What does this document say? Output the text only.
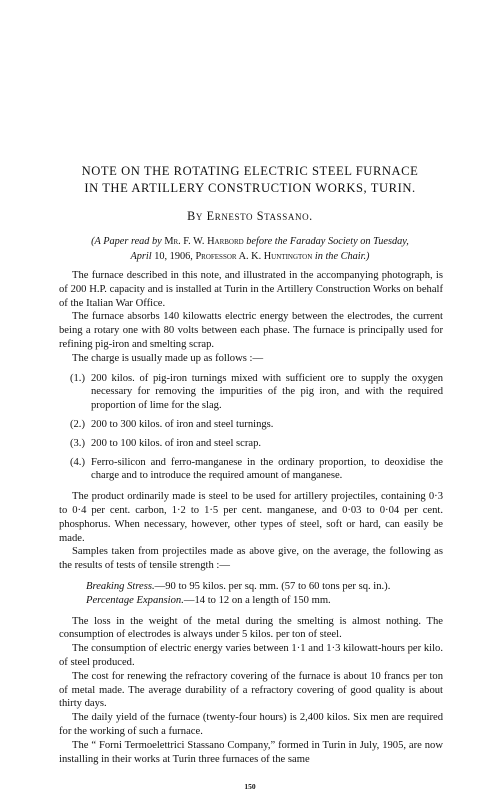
NOTE ON THE ROTATING ELECTRIC STEEL FURNACE
IN THE ARTILLERY CONSTRUCTION WORKS, TURIN.
By Ernesto Stassano.
(A Paper read by Mr. F. W. Harbord before the Faraday Society on Tuesday,
April 10, 1906, Professor A. K. Huntington in the Chair.)

The furnace described in this note, and illustrated in the accompanying photograph, is of 200 H.P. capacity and is installed at Turin in the Artillery Construction Works on behalf of the Italian War Office.

The furnace absorbs 140 kilowatts electric energy between the electrodes, the current being a rotary one with 80 volts between each phase. The furnace is principally used for refining pig-iron and smelting scrap.

The charge is usually made up as follows :—

(1.) 200 kilos. of pig-iron turnings mixed with sufficient ore to supply the oxygen necessary for removing the impurities of the pig iron, and with the required proportion of lime for the slag.
(2.) 200 to 300 kilos. of iron and steel turnings.
(3.) 200 to 100 kilos. of iron and steel scrap.
(4.) Ferro-silicon and ferro-manganese in the ordinary proportion, to deoxidise the charge and to introduce the required amount of manganese.

The product ordinarily made is steel to be used for artillery projectiles, containing 0·3 to 0·4 per cent. carbon, 1·2 to 1·5 per cent. manganese, and 0·03 to 0·04 per cent. phosphorus. When necessary, however, other types of steel, soft or hard, can easily be made.

Samples taken from projectiles made as above give, on the average, the following as the results of tests of tensile strength :—

Breaking Stress.—90 to 95 kilos. per sq. mm. (57 to 60 tons per sq. in.).
Percentage Expansion.—14 to 12 on a length of 150 mm.

The loss in the weight of the metal during the smelting is almost nothing. The consumption of electrodes is always under 5 kilos. per ton of steel.

The consumption of electric energy varies between 1·1 and 1·3 kilowatt-hours per kilo. of steel produced.

The cost for renewing the refractory covering of the furnace is about 10 francs per ton of metal made. The average durability of a refractory covering of good quality is about thirty days.

The daily yield of the furnace (twenty-four hours) is 2,400 kilos. Six men are required for the working of such a furnace.

The “ Forni Termoelettrici Stassano Company,” formed in Turin in July, 1905, are now installing in their works at Turin three furnaces of the same

150
